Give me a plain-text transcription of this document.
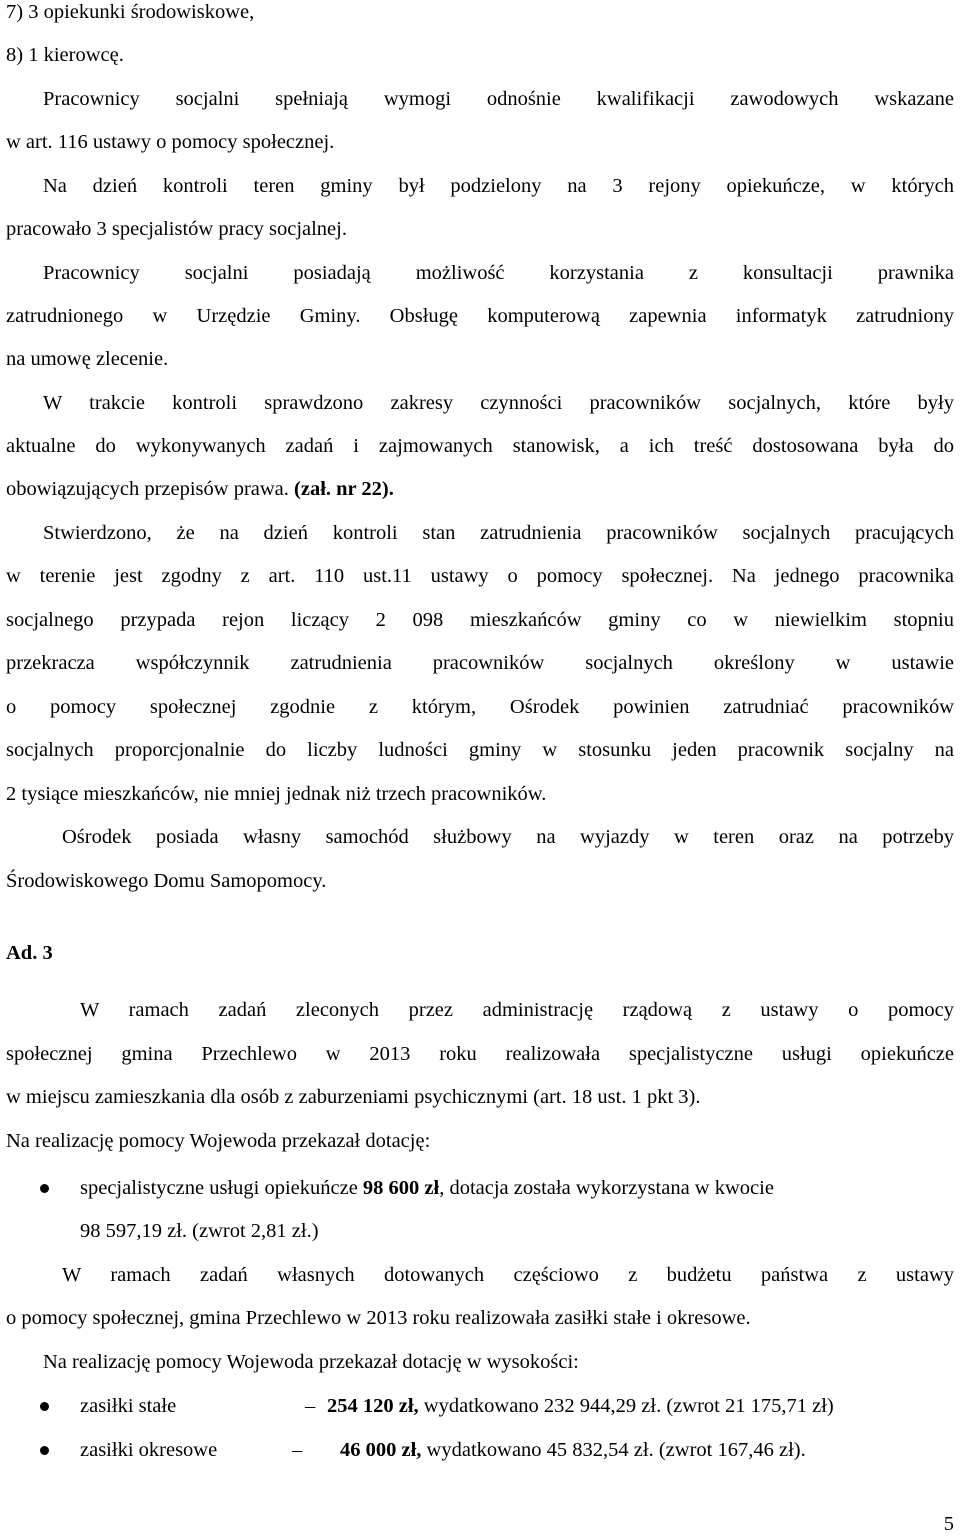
7) 3 opiekunki środowiskowe,
8) 1 kierowcę.
Pracownicy socjalni spełniają wymogi odnośnie kwalifikacji zawodowych wskazane
w art. 116 ustawy o pomocy społecznej.
Na dzień kontroli teren gminy był podzielony na 3 rejony opiekuńcze, w których
pracowało 3 specjalistów pracy socjalnej.
Pracownicy socjalni posiadają możliwość korzystania z konsultacji prawnika
zatrudnionego w Urzędzie Gminy. Obsługę komputerową zapewnia informatyk zatrudniony
na umowę zlecenie.
W trakcie kontroli sprawdzono zakresy czynności pracowników socjalnych, które były
aktualne do wykonywanych zadań i zajmowanych stanowisk, a ich treść dostosowana była do
obowiązujących przepisów prawa. (zał. nr 22).
Stwierdzono, że na dzień kontroli stan zatrudnienia pracowników socjalnych pracujących
w terenie jest zgodny z art. 110 ust.11 ustawy o pomocy społecznej. Na jednego pracownika
socjalnego przypada rejon liczący 2 098 mieszkańców gminy co w niewielkim stopniu
przekracza współczynnik zatrudnienia pracowników socjalnych określony w ustawie
o pomocy społecznej zgodnie z którym, Ośrodek powinien zatrudniać pracowników
socjalnych proporcjonalnie do liczby ludności gminy w stosunku jeden pracownik socjalny na
2 tysiące mieszkańców, nie mniej jednak niż trzech pracowników.
Ośrodek posiada własny samochód służbowy na wyjazdy w teren oraz na potrzeby
Środowiskowego Domu Samopomocy.
Ad. 3
W ramach zadań zleconych przez administrację rządową z ustawy o pomocy
społecznej gmina Przechlewo w 2013 roku realizowała specjalistyczne usługi opiekuńcze
w miejscu zamieszkania dla osób z zaburzeniami psychicznymi (art. 18 ust. 1 pkt 3).
Na realizację pomocy Wojewoda przekazał dotację:
specjalistyczne usługi opiekuńcze 98 600 zł, dotacja została wykorzystana w kwocie
98 597,19 zł. (zwrot 2,81 zł.)
W ramach zadań własnych dotowanych częściowo z budżetu państwa z ustawy
o pomocy społecznej, gmina Przechlewo w 2013 roku realizowała zasiłki stałe i okresowe.
Na realizację pomocy Wojewoda przekazał dotację w wysokości:
zasiłki stałe	– 254 120 zł, wydatkowano 232 944,29 zł. (zwrot 21 175,71 zł)
zasiłki okresowe	– 46 000 zł, wydatkowano 45 832,54 zł. (zwrot 167,46 zł).
5
